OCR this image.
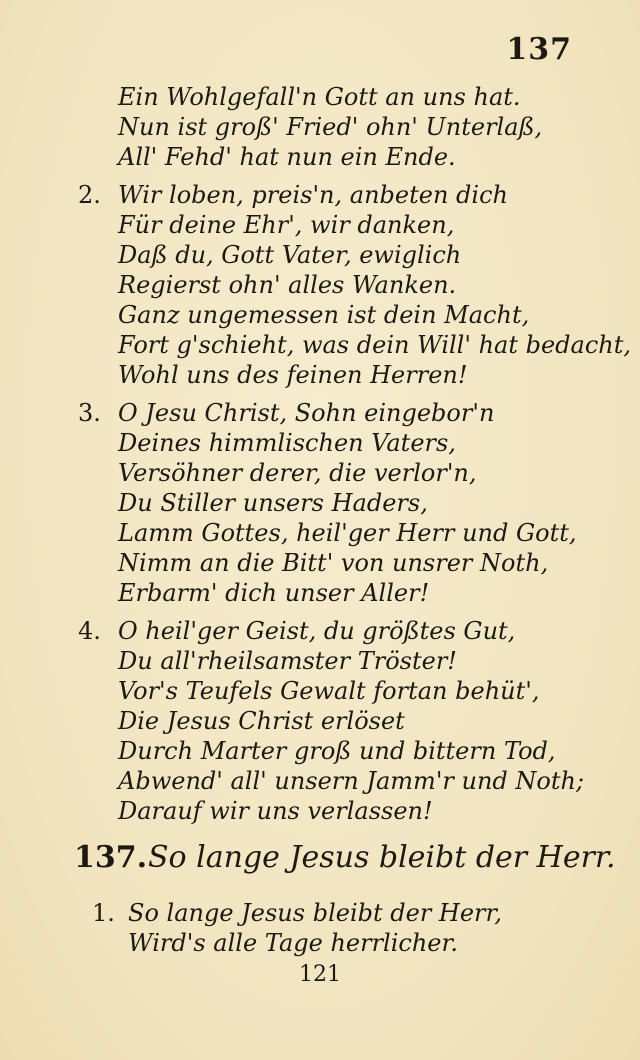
137
Ein Wohlgefall'n Gott an uns hat.
Nun ist groß' Fried' ohn' Unterlaß,
All' Fehd' hat nun ein Ende.
2. Wir loben, preis'n, anbeten dich
Für deine Ehr', wir danken,
Daß du, Gott Vater, ewiglich
Regierst ohn' alles Wanken.
Ganz ungemessen ist dein Macht,
Fort g'schieht, was dein Will' hat bedacht,
Wohl uns des feinen Herren!
3. O Jesu Christ, Sohn eingebor'n
Deines himmlischen Vaters,
Versöhner derer, die verlor'n,
Du Stiller unsers Haders,
Lamm Gottes, heil'ger Herr und Gott,
Nimm an die Bitt' von unsrer Noth,
Erbarm' dich unser Aller!
4. O heil'ger Geist, du größtes Gut,
Du all'rheilsamster Tröster!
Vor's Teufels Gewalt fortan behüt',
Die Jesus Christ erlöset
Durch Marter groß und bittern Tod,
Abwend' all' unsern Jamm'r und Noth;
Darauf wir uns verlassen!
137. So lange Jesus bleibt der Herr.
1. So lange Jesus bleibt der Herr,
Wird's alle Tage herrlicher.
121
